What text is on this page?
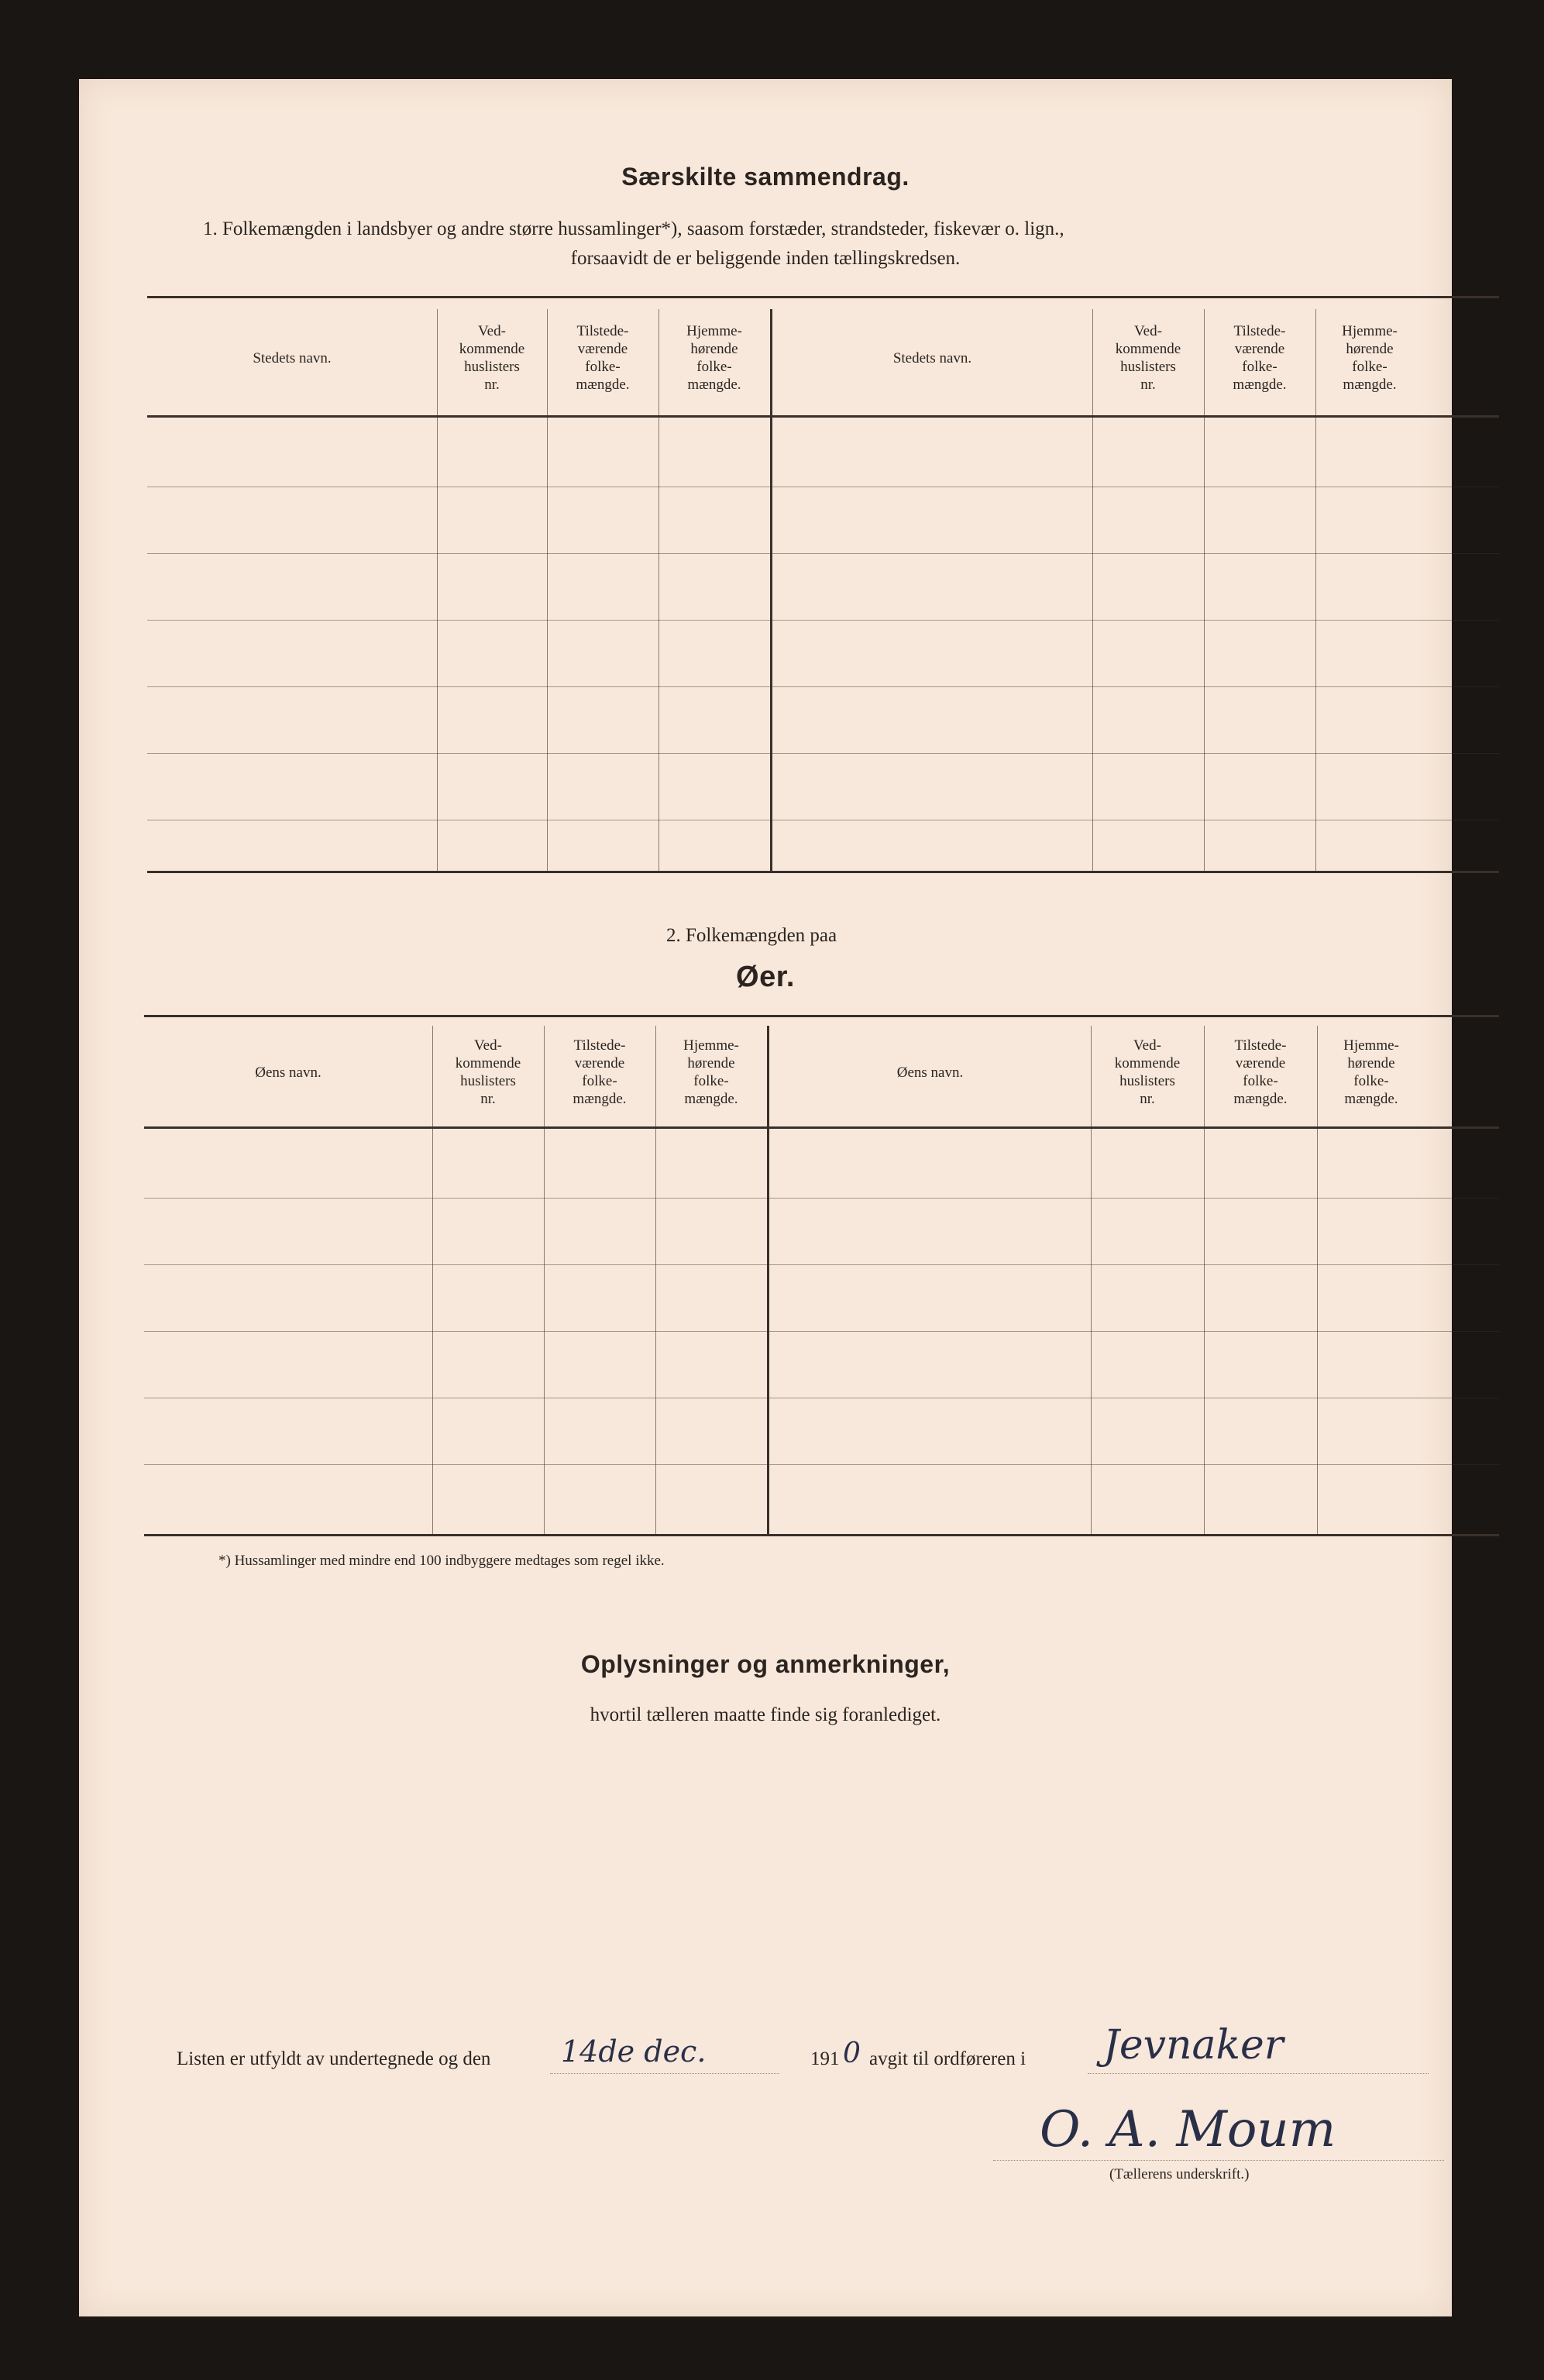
Særskilte sammendrag.
1. Folkemængden i landsbyer og andre større hussamlinger*), saasom forstæder, strandsteder, fiskevær o. lign.,
forsaavidt de er beliggende inden tællingskredsen.
Stedets navn.
Ved-
kommende
huslisters
nr.
Tilstede-
værende
folke-
mængde.
Hjemme-
hørende
folke-
mængde.
Stedets navn.
Ved-
kommende
huslisters
nr.
Tilstede-
værende
folke-
mængde.
Hjemme-
hørende
folke-
mængde.
2. Folkemængden paa
Øer.
Øens navn.
Ved-
kommende
huslisters
nr.
Tilstede-
værende
folke-
mængde.
Hjemme-
hørende
folke-
mængde.
Øens navn.
Ved-
kommende
huslisters
nr.
Tilstede-
værende
folke-
mængde.
Hjemme-
hørende
folke-
mængde.
*) Hussamlinger med mindre end 100 indbyggere medtages som regel ikke.
Oplysninger og anmerkninger,
hvortil tælleren maatte finde sig foranlediget.
Listen er utfyldt av undertegnede og den 14de dec.	191 0 avgit til ordføreren i Jevnaker
O. A. Moum
(Tællerens underskrift.)
